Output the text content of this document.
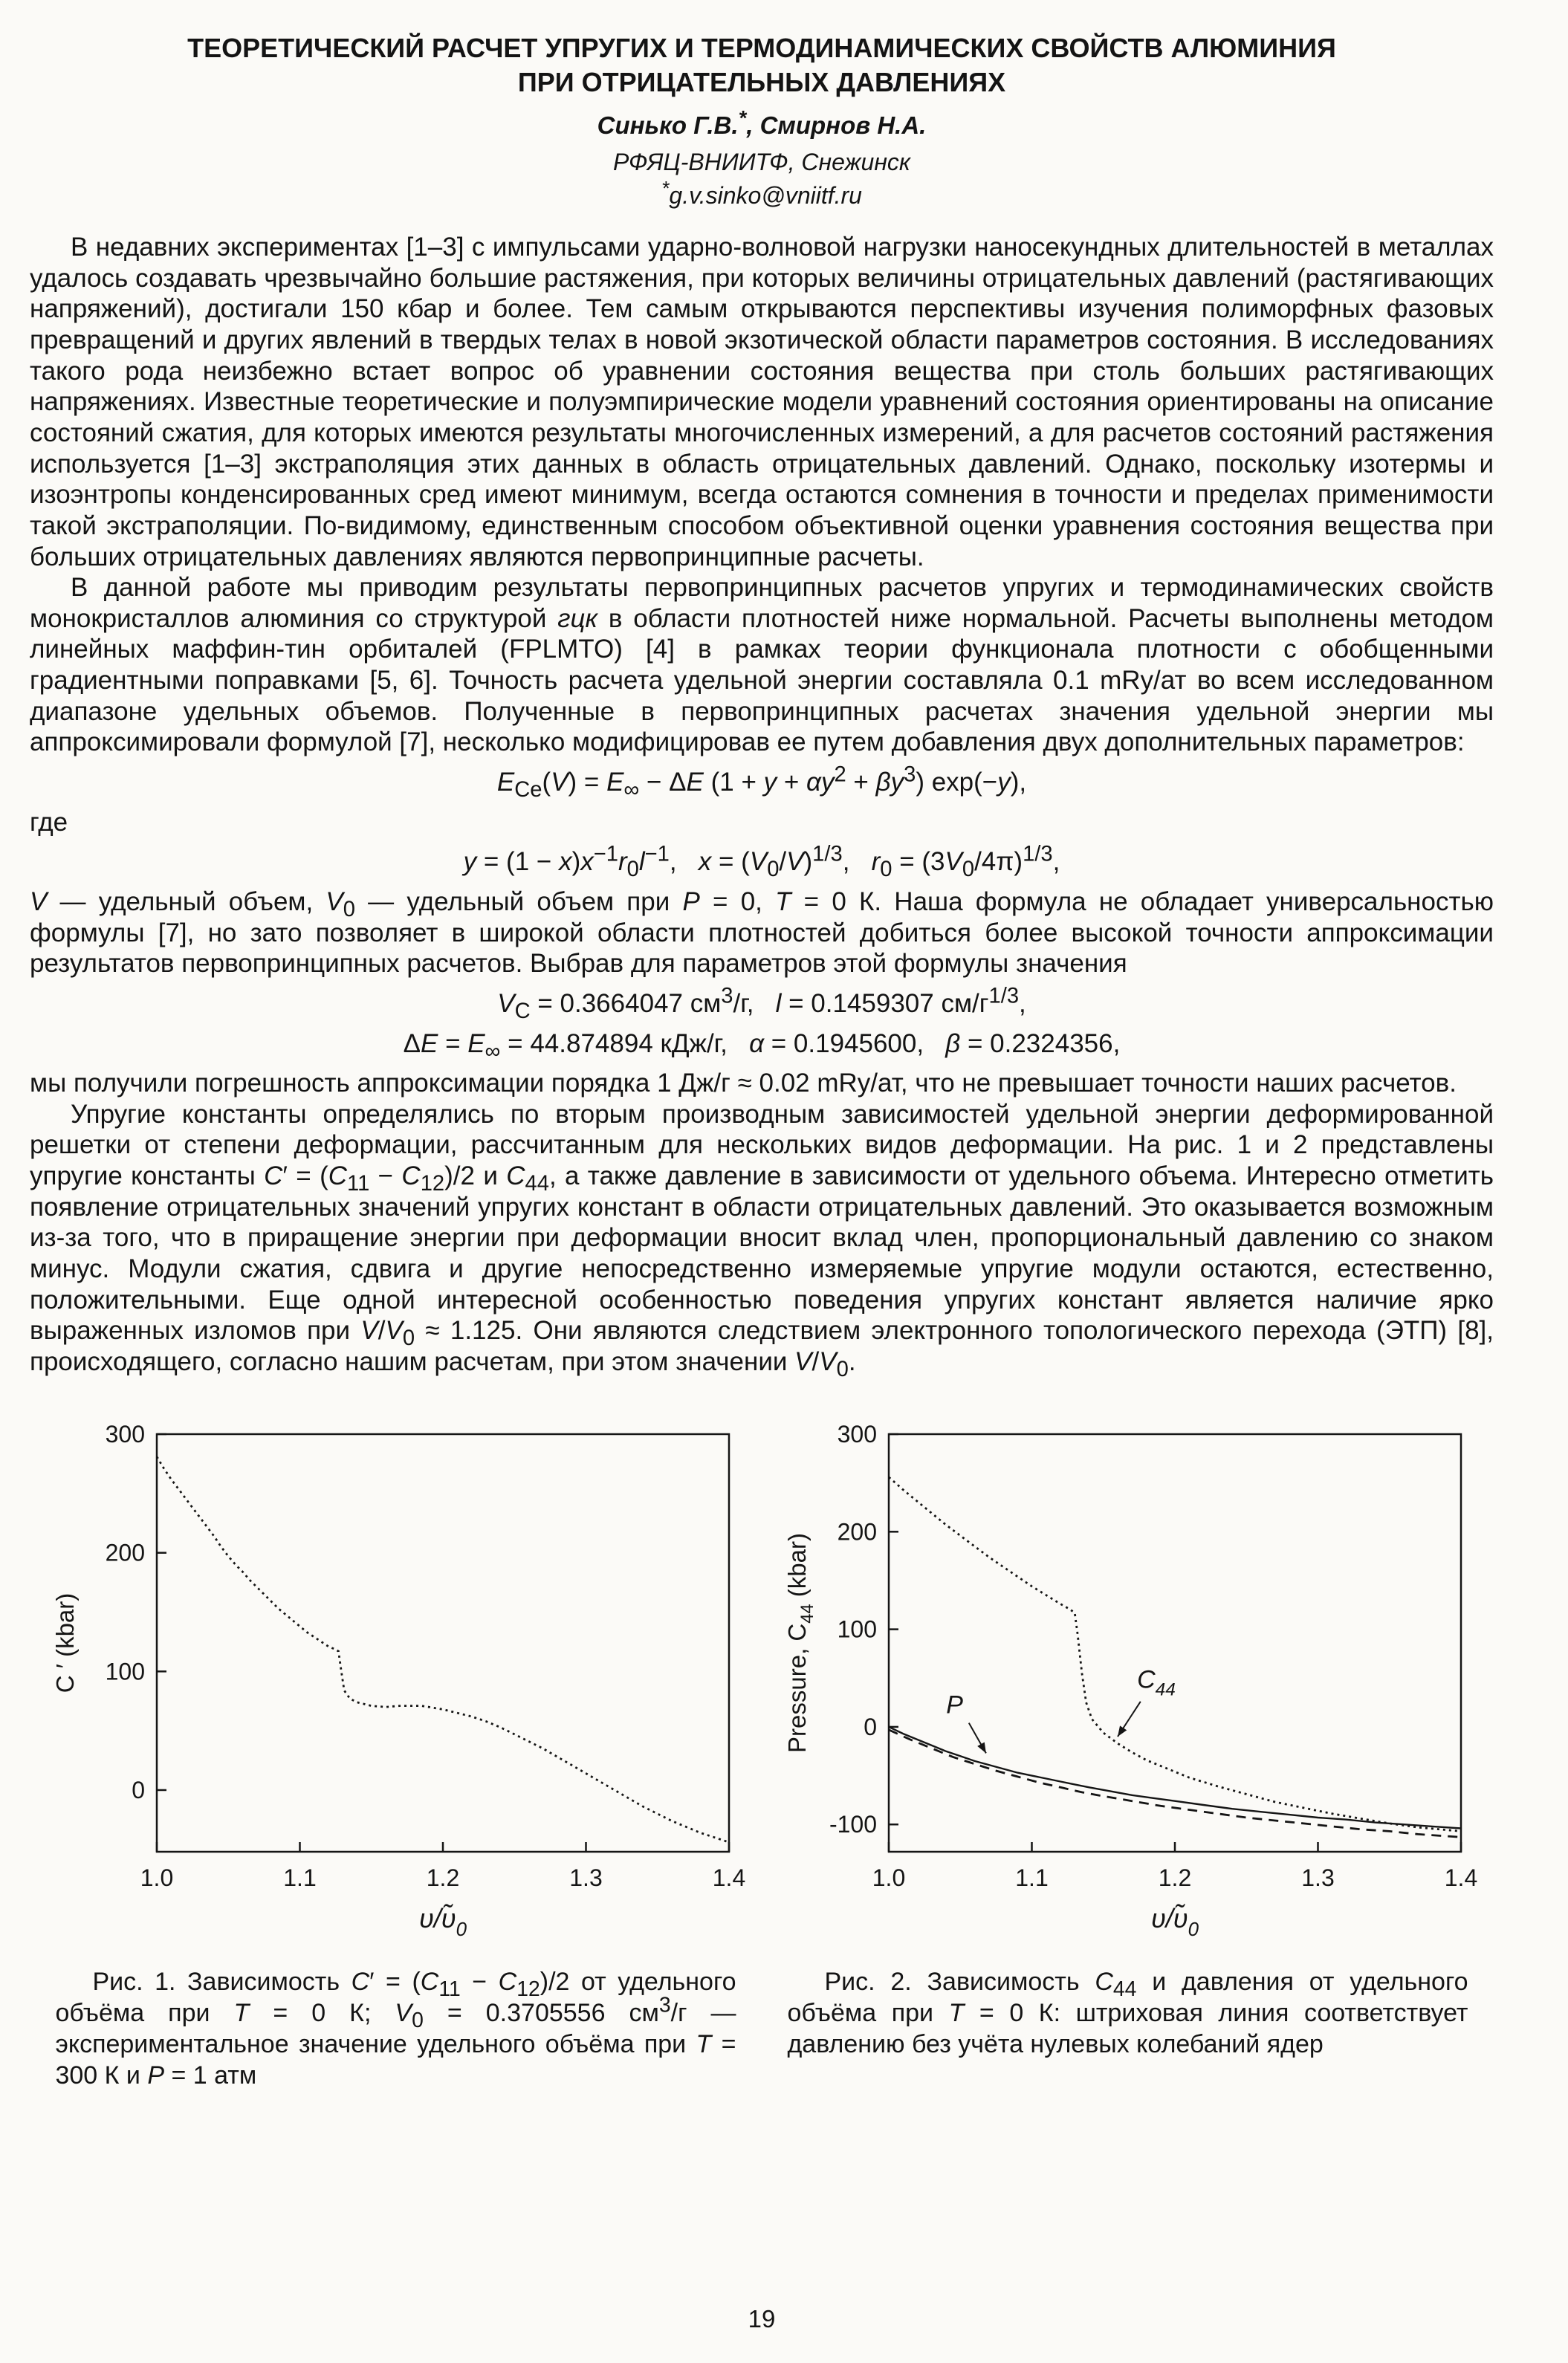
ТЕОРЕТИЧЕСКИЙ РАСЧЕТ УПРУГИХ И ТЕРМОДИНАМИЧЕСКИХ СВОЙСТВ АЛЮМИНИЯ
ПРИ ОТРИЦАТЕЛЬНЫХ ДАВЛЕНИЯХ

Синько Г.В.*, Смирнов Н.А.

РФЯЦ-ВНИИТФ, Снежинск

*g.v.sinko@vniitf.ru

В недавних экспериментах [1–3] с импульсами ударно-волновой нагрузки наносекундных длительностей в металлах удалось создавать чрезвычайно большие растяжения, при которых величины отрицательных давлений (растягивающих напряжений), достигали 150 кбар и более. Тем самым открываются перспективы изучения полиморфных фазовых превращений и других явлений в твердых телах в новой экзотической области параметров состояния. В исследованиях такого рода неизбежно встает вопрос об уравнении состояния вещества при столь больших растягивающих напряжениях. Известные теоретические и полуэмпирические модели уравнений состояния ориентированы на описание состояний сжатия, для которых имеются результаты многочисленных измерений, а для расчетов состояний растяжения используется [1–3] экстраполяция этих данных в область отрицательных давлений. Однако, поскольку изотермы и изоэнтропы конденсированных сред имеют минимум, всегда остаются сомнения в точности и пределах применимости такой экстраполяции. По-видимому, единственным способом объективной оценки уравнения состояния вещества при больших отрицательных давлениях являются первопринципные расчеты.

В данной работе мы приводим результаты первопринципных расчетов упругих и термодинамических свойств монокристаллов алюминия со структурой гцк в области плотностей ниже нормальной. Расчеты выполнены методом линейных маффин-тин орбиталей (FPLMTO) [4] в рамках теории функционала плотности с обобщенными градиентными поправками [5, 6]. Точность расчета удельной энергии составляла 0.1 mRy/ат во всем исследованном диапазоне удельных объемов. Полученные в первопринципных расчетах значения удельной энергии мы аппроксимировали формулой [7], несколько модифицировав ее путем добавления двух дополнительных параметров:

$E_{Ce}(V) = E_\infty - \Delta E$ $(1 + y + \alpha y^2 + \beta y^3)$ exp(−y),

где

$y = (1 - x)x^{-1}r_0l^{-1}$,   $x = (V_0/V)^{1/3}$,   $r_0 = (3V_0/4\pi)^{1/3}$,

V — удельный объем, $V_0$ — удельный объем при P = 0, T = 0 К. Наша формула не обладает универсальностью формулы [7], но зато позволяет в широкой области плотностей добиться более высокой точности аппроксимации результатов первопринципных расчетов. Выбрав для параметров этой формулы значения

$V_C = 0.3664047$ $см^3/г$,   l = 0.1459307 $см/г^{1/3}$,

$\Delta E = E_\infty = 44.874894$ кДж/г,   α = 0.1945600,   β = 0.2324356,

мы получили погрешность аппроксимации порядка 1 Дж/г ≈ 0.02 mRy/ат, что не превышает точности наших расчетов.

Упругие константы определялись по вторым производным зависимостей удельной энергии деформированной решетки от степени деформации, рассчитанным для нескольких видов деформации. На рис. 1 и 2 представлены упругие константы $C' = (C_{11} - C_{12})/2$ и $C_{44}$, а также давление в зависимости от удельного объема. Интересно отметить появление отрицательных значений упругих констант в области отрицательных давлений. Это оказывается возможным из-за того, что в приращение энергии при деформации вносит вклад член, пропорциональный давлению со знаком минус. Модули сжатия, сдвига и другие непосредственно измеряемые упругие модули остаются, естественно, положительными. Еще одной интересной особенностью поведения упругих констант является наличие ярко выраженных изломов при $V/V_0 \approx 1.125$. Они являются следствием электронного топологического перехода (ЭТП) [8], происходящего, согласно нашим расчетам, при этом значении $V/V_0$.

1.0	1.1	1.2	1.3	1.4
0
100
200
300
$\upsilon/\upsiloñ_0$
C ′ (kbar)
Рис. 1. Зависимость $C' = (C_{11} - C_{12})/2$ от удельного объёма при T = 0 К; $V_0 = 0.3705556$ $см^3/г$ — экспериментальное значение удельного объёма при T = 300 К и P = 1 атм
1.0	1.1	1.2	1.3	1.4
-100
0
100
200
300
P
$C_{44}$
$\upsilon/\upsiloñ_0$
Pressure, $C_{44}$ (kbar)
Рис. 2. Зависимость $C_{44}$ и давления от удельного объёма при T = 0 К: штриховая линия соответствует давлению без учёта нулевых колебаний ядер
19
